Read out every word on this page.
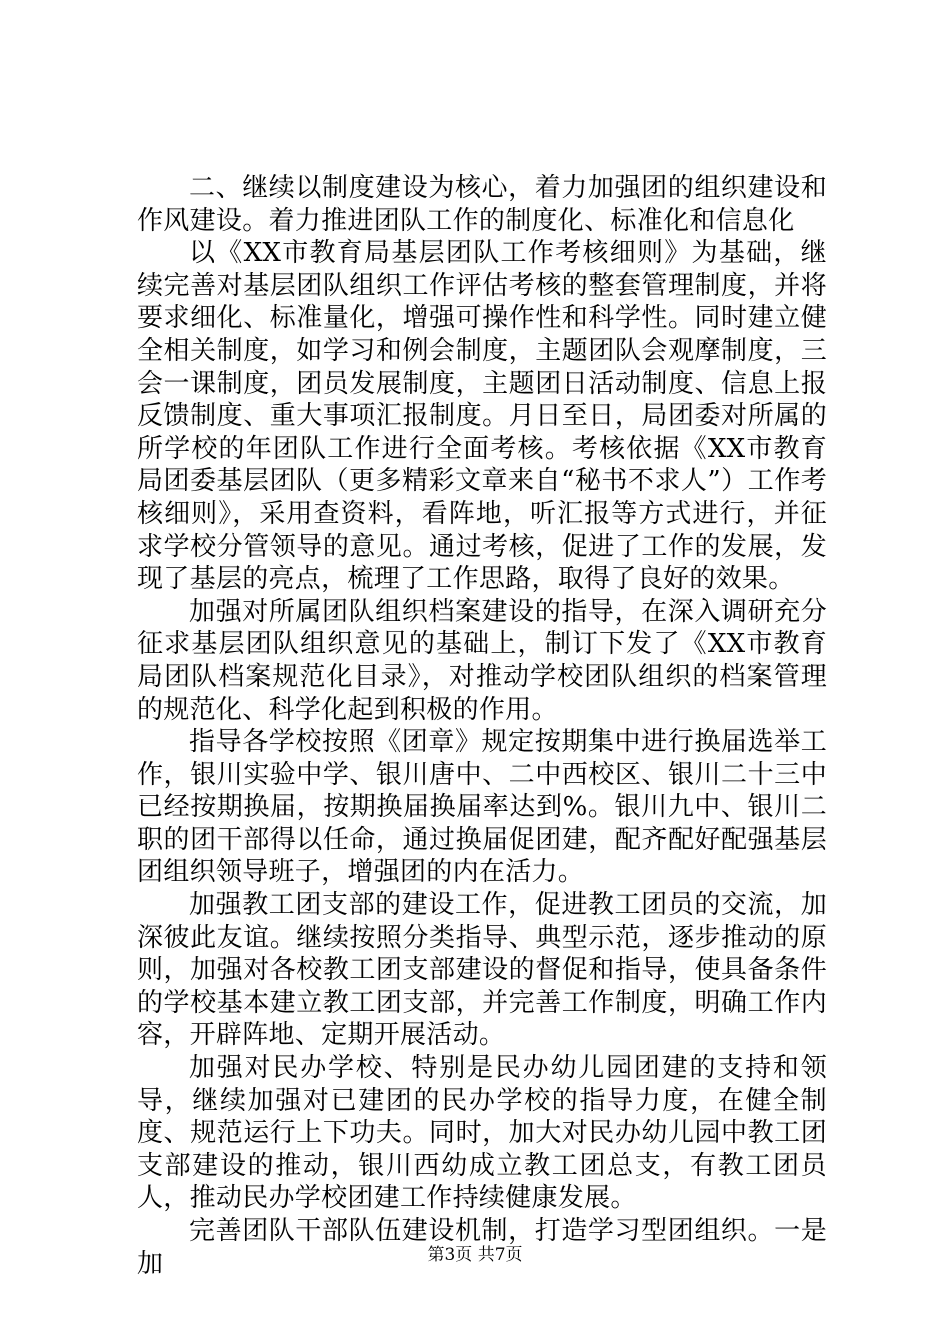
二、继续以制度建设为核心，着力加强团的组织建设和作风建设。着力推进团队工作的制度化、标准化和信息化

以《XX市教育局基层团队工作考核细则》为基础，继续完善对基层团队组织工作评估考核的整套管理制度，并将要求细化、标准量化，增强可操作性和科学性。同时建立健全相关制度，如学习和例会制度，主题团队会观摩制度，三会一课制度，团员发展制度，主题团日活动制度、信息上报反馈制度、重大事项汇报制度。月日至日，局团委对所属的所学校的年团队工作进行全面考核。考核依据《XX市教育局团委基层团队（更多精彩文章来自“秘书不求人”）工作考核细则》，采用查资料，看阵地，听汇报等方式进行，并征求学校分管领导的意见。通过考核，促进了工作的发展，发现了基层的亮点，梳理了工作思路，取得了良好的效果。

加强对所属团队组织档案建设的指导，在深入调研充分征求基层团队组织意见的基础上，制订下发了《XX市教育局团队档案规范化目录》，对推动学校团队组织的档案管理的规范化、科学化起到积极的作用。

指导各学校按照《团章》规定按期集中进行换届选举工作，银川实验中学、银川唐中、二中西校区、银川二十三中已经按期换届，按期换届换届率达到%。银川九中、银川二职的团干部得以任命，通过换届促团建，配齐配好配强基层团组织领导班子，增强团的内在活力。

加强教工团支部的建设工作，促进教工团员的交流，加深彼此友谊。继续按照分类指导、典型示范，逐步推动的原则，加强对各校教工团支部建设的督促和指导，使具备条件的学校基本建立教工团支部，并完善工作制度，明确工作内容，开辟阵地、定期开展活动。

加强对民办学校、特别是民办幼儿园团建的支持和领导，继续加强对已建团的民办学校的指导力度，在健全制度、规范运行上下功夫。同时，加大对民办幼儿园中教工团支部建设的推动，银川西幼成立教工团总支，有教工团员人，推动民办学校团建工作持续健康发展。

完善团队干部队伍建设机制，打造学习型团组织。一是加	第3页 共7页
